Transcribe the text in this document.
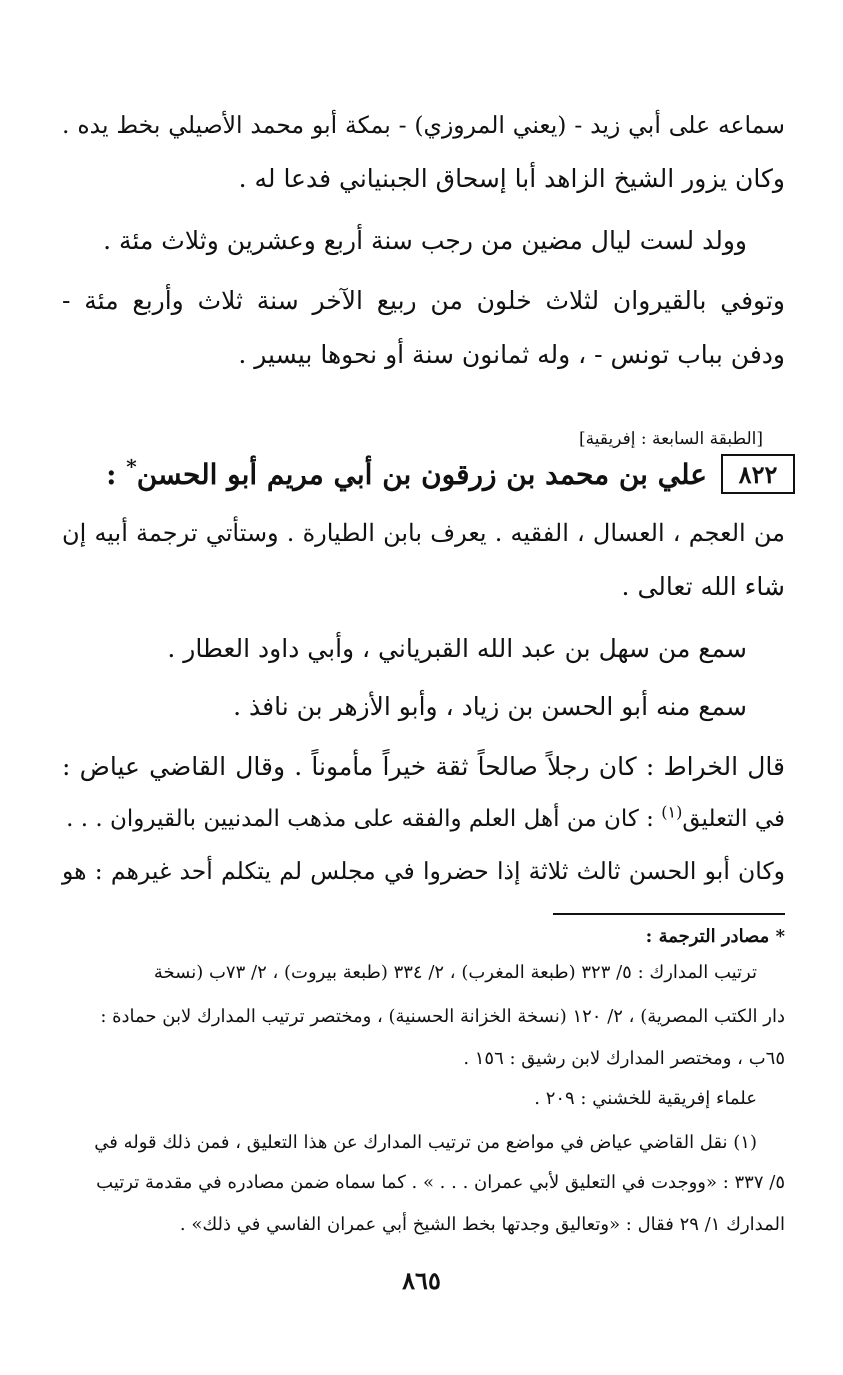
سماعه على أبي زيد - (يعني المروزي) - بمكة أبو محمد الأصيلي بخط يده .
وكان يزور الشيخ الزاهد أبا إسحاق الجبنياني فدعا له .
وولد لست ليال مضين من رجب سنة أربع وعشرين وثلاث مئة .
وتوفي بالقيروان لثلاث خلون من ربيع الآخر سنة ثلاث وأربع مئة -
ودفن بباب تونس - ، وله ثمانون سنة أو نحوها بيسير .
[الطبقة السابعة : إفريقية]
٨٢٢
علي بن محمد بن زرقون بن أبي مريم أبو الحسن* :
من العجم ، العسال ، الفقيه . يعرف بابن الطيارة . وستأتي ترجمة أبيه إن
شاء الله تعالى .
سمع من سهل بن عبد الله القبرياني ، وأبي داود العطار .
سمع منه أبو الحسن بن زياد ، وأبو الأزهر بن نافذ .
قال الخراط : كان رجلاً صالحاً ثقة خيراً مأموناً . وقال القاضي عياض :
في التعليق$^{(١)}$ : كان من أهل العلم والفقه على مذهب المدنيين بالقيروان . . .
وكان أبو الحسن ثالث ثلاثة إذا حضروا في مجلس لم يتكلم أحد غيرهم : هو
* مصادر الترجمة :
ترتيب المدارك : ٥/ ٣٢٣ (طبعة المغرب) ، ٢/ ٣٣٤ (طبعة بيروت) ، ٢/ ٧٣ب (نسخة
دار الكتب المصرية) ، ٢/ ١٢٠ (نسخة الخزانة الحسنية) ، ومختصر ترتيب المدارك لابن حمادة :
٦٥ب ، ومختصر المدارك لابن رشيق : ١٥٦ .
علماء إفريقية للخشني : ٢٠٩ .
(١) نقل القاضي عياض في مواضع من ترتيب المدارك عن هذا التعليق ، فمن ذلك قوله في
٥/ ٣٣٧ : «ووجدت في التعليق لأبي عمران . . . » . كما سماه ضمن مصادره في مقدمة ترتيب
المدارك ١/ ٢٩ فقال : «وتعاليق وجدتها بخط الشيخ أبي عمران الفاسي في ذلك» .
٨٦٥
